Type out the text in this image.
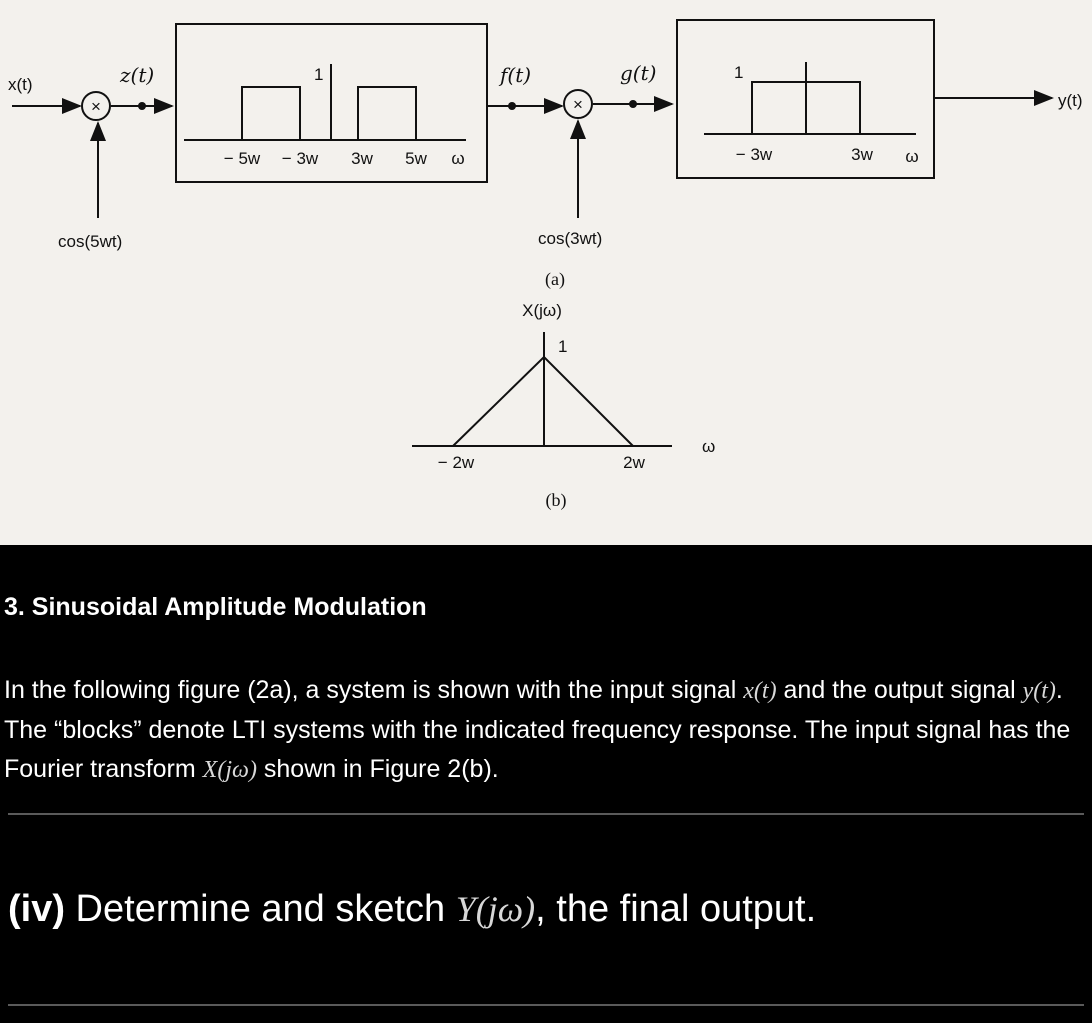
x(t)
×
cos(5wt)
z(t)	1
− 5w − 3w 3w 5w ω
f(t)
×
cos(3wt)
g(t)	1
− 3w	3w ω
y(t)
(a)
X(jω)
1
− 2w	2w
ω
(b)
3. Sinusoidal Amplitude Modulation

In the following figure (2a), a system is shown with the input signal x(t) and the output signal y(t). The “blocks” denote LTI systems with the indicated frequency response. The input signal has the Fourier transform X(jω) shown in Figure 2(b).

(iv) Determine and sketch Y(jω), the final output.
